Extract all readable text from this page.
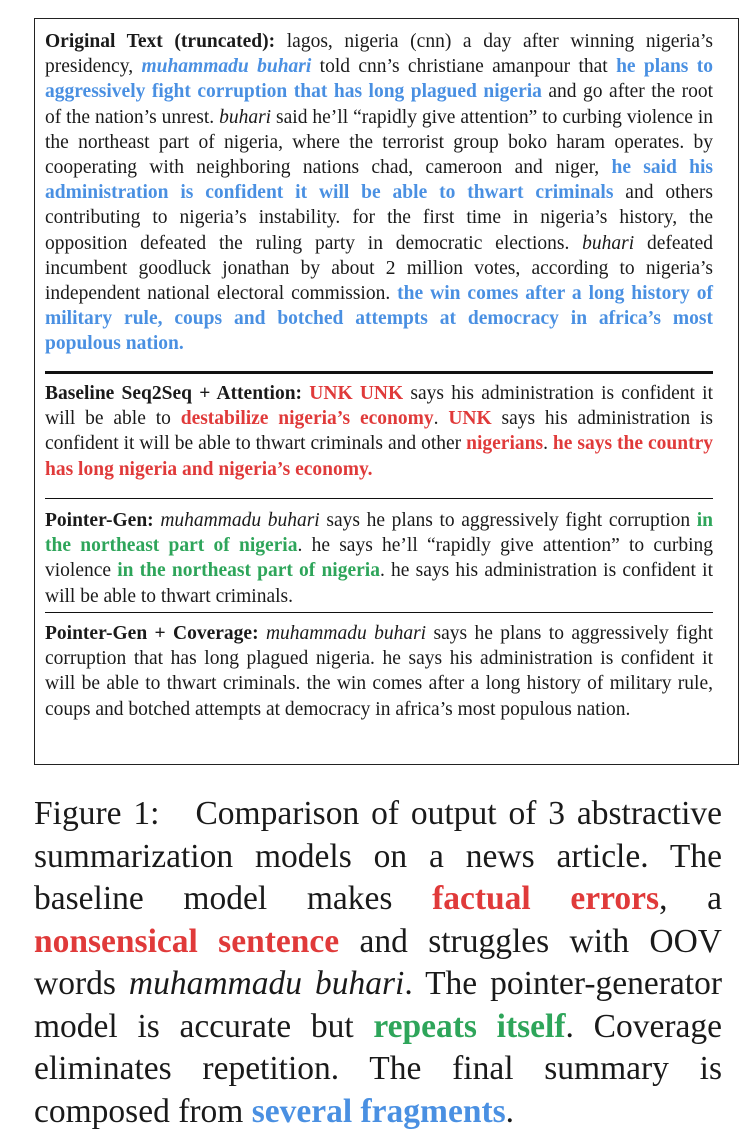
Original Text (truncated): lagos, nigeria (cnn) a day after winning nigeria’s presidency, muhammadu buhari told cnn’s christiane amanpour that he plans to aggressively fight corruption that has long plagued nigeria and go after the root of the nation’s unrest. buhari said he’ll “rapidly give attention” to curbing violence in the northeast part of nigeria, where the terrorist group boko haram operates. by cooperating with neighboring nations chad, cameroon and niger, he said his administration is confident it will be able to thwart criminals and others contributing to nigeria’s instability. for the first time in nigeria’s history, the opposition defeated the ruling party in democratic elections. buhari defeated incumbent goodluck jonathan by about 2 million votes, according to nigeria’s independent national electoral commission. the win comes after a long history of military rule, coups and botched attempts at democracy in africa’s most populous nation.

Baseline Seq2Seq + Attention: UNK UNK says his administration is confident it will be able to destabilize nigeria’s economy. UNK says his administration is confident it will be able to thwart criminals and other nigerians. he says the country has long nigeria and nigeria’s economy.

Pointer-Gen: muhammadu buhari says he plans to aggressively fight corruption in the northeast part of nigeria. he says he’ll “rapidly give attention” to curbing violence in the northeast part of nigeria. he says his administration is confident it will be able to thwart criminals.

Pointer-Gen + Coverage: muhammadu buhari says he plans to aggressively fight corruption that has long plagued nigeria. he says his administration is confident it will be able to thwart criminals. the win comes after a long history of military rule, coups and botched attempts at democracy in africa’s most populous nation.

Figure 1: Comparison of output of 3 abstractive summarization models on a news article. The baseline model makes factual errors, a nonsensical sentence and struggles with OOV words muhammadu buhari. The pointer-generator model is accurate but repeats itself. Coverage eliminates repetition. The final summary is composed from several fragments.
